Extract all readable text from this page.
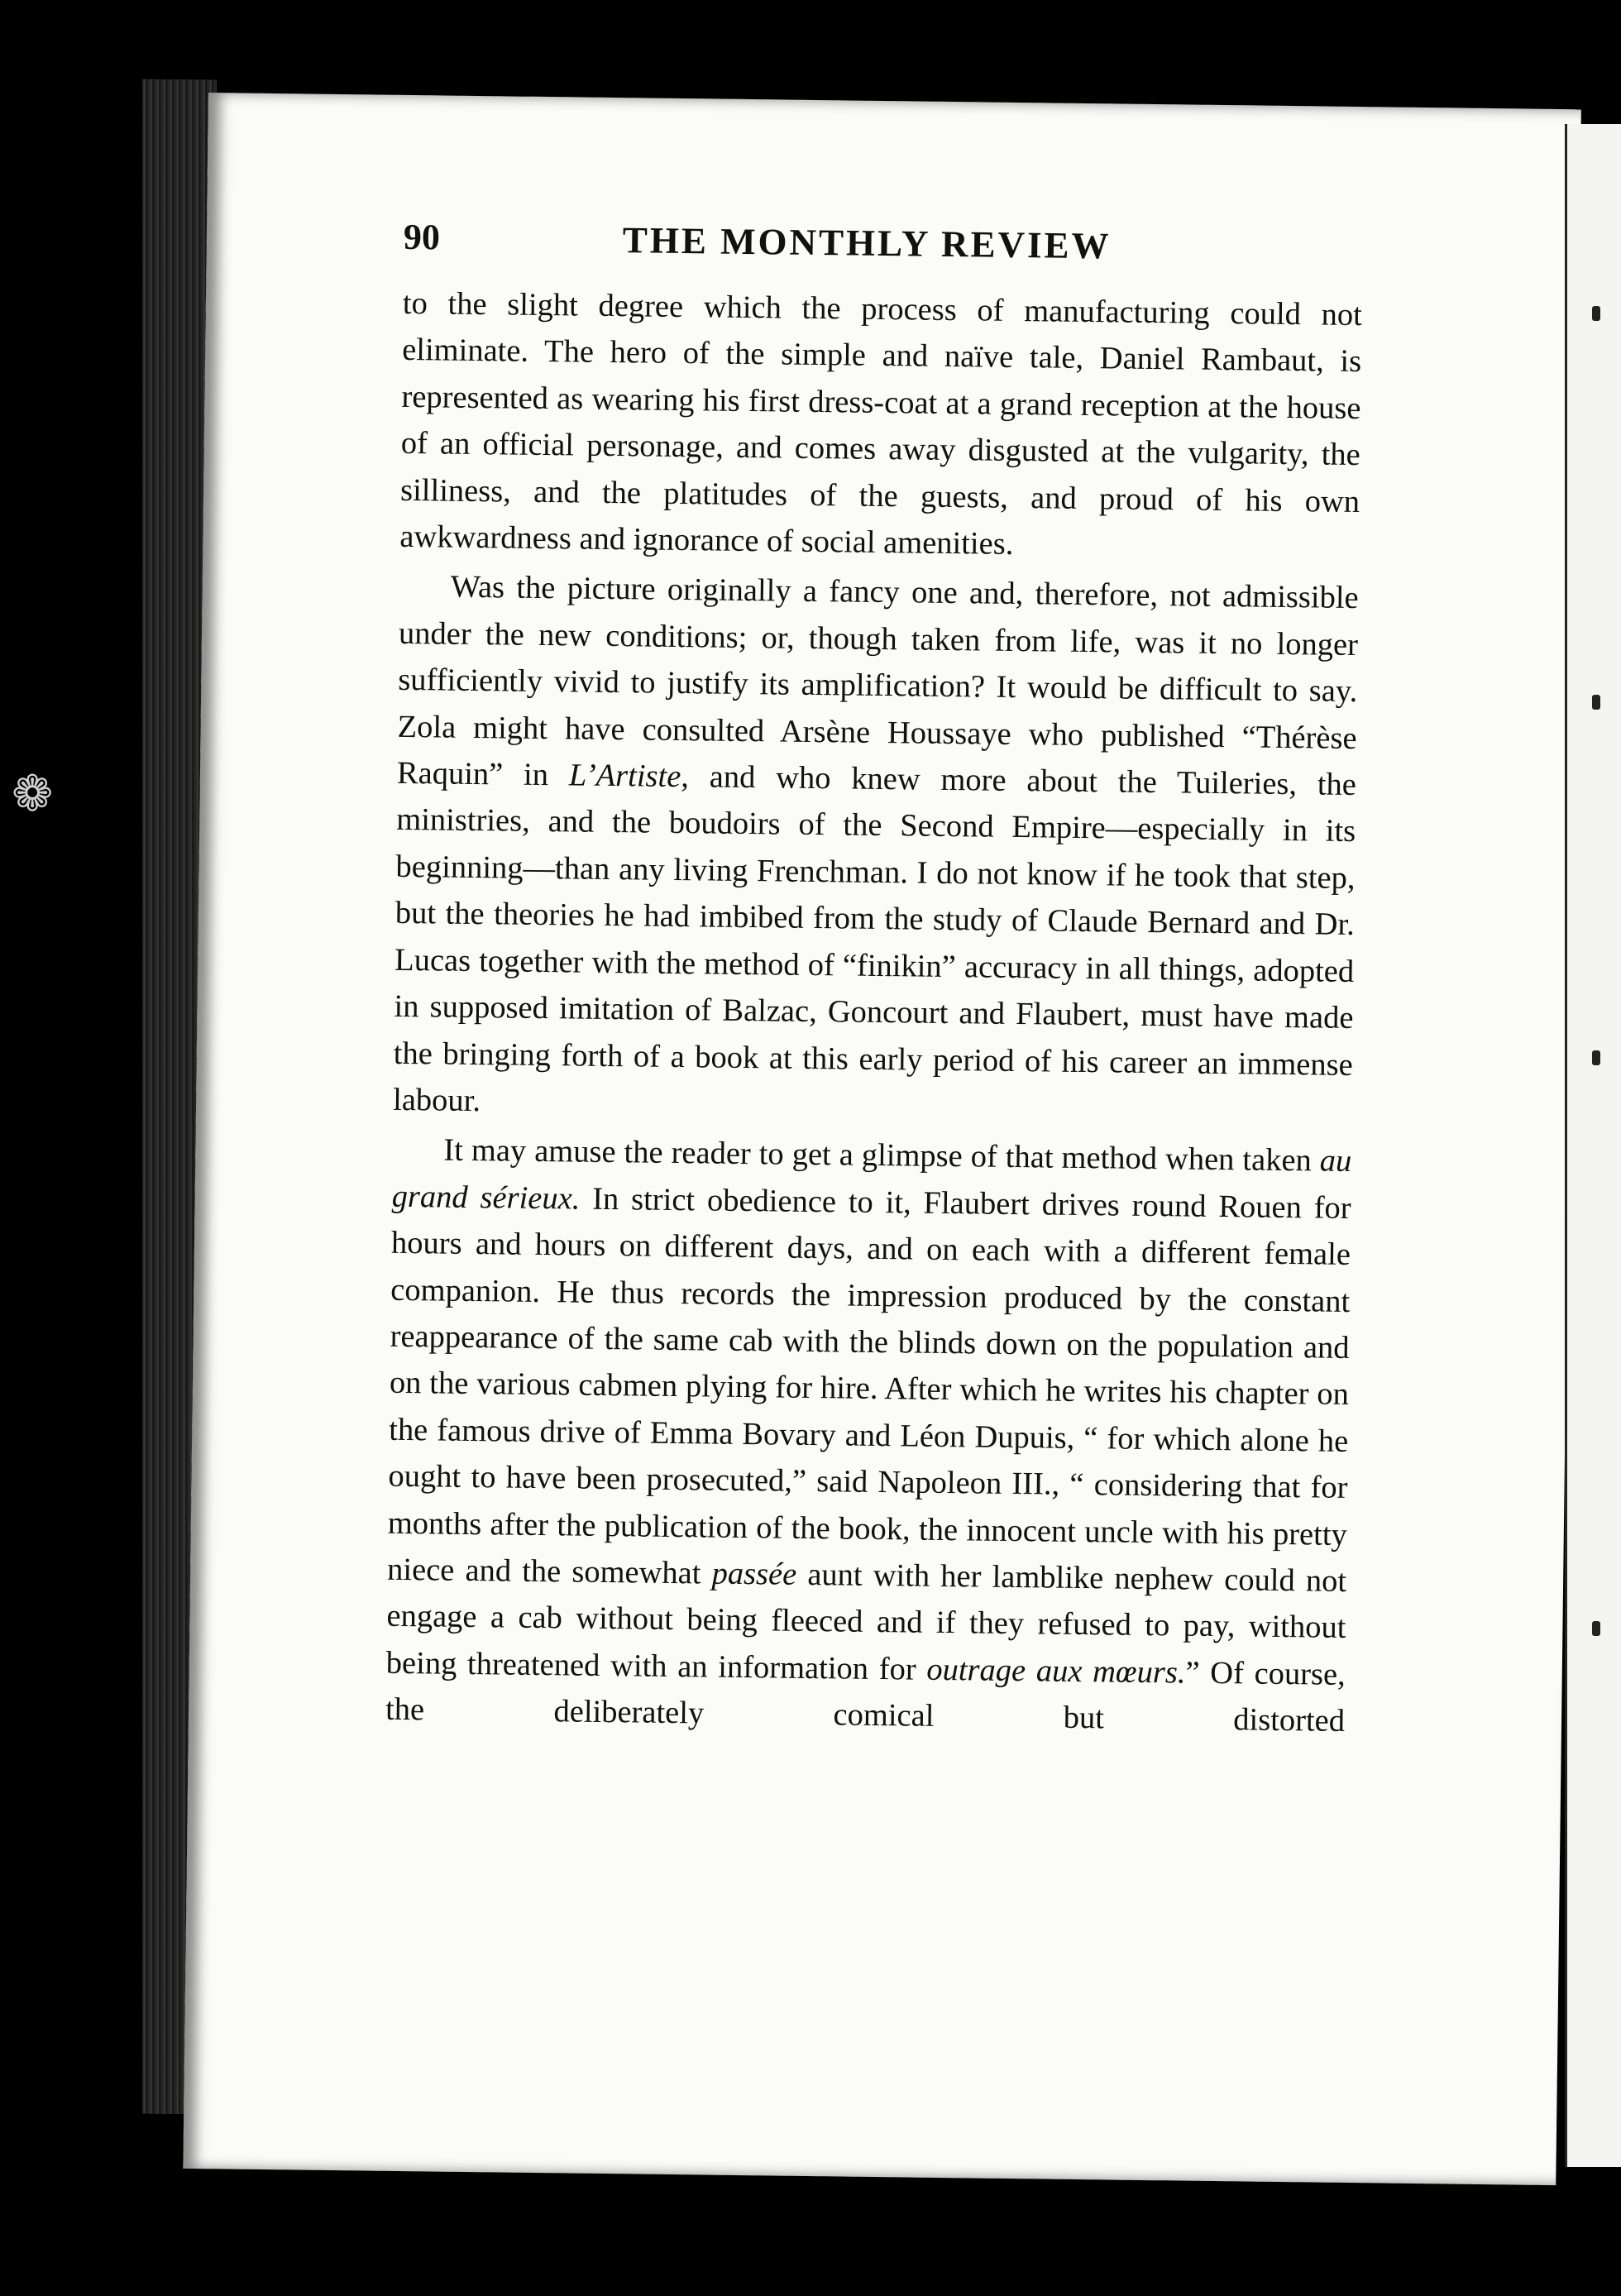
❁
90	THE MONTHLY REVIEW

to the slight degree which the process of manufacturing could not eliminate. The hero of the simple and naïve tale, Daniel Rambaut, is represented as wearing his first dress-coat at a grand reception at the house of an official personage, and comes away disgusted at the vulgarity, the silliness, and the platitudes of the guests, and proud of his own awkwardness and ignorance of social amenities.

Was the picture originally a fancy one and, therefore, not admissible under the new conditions; or, though taken from life, was it no longer sufficiently vivid to justify its amplification? It would be difficult to say. Zola might have consulted Arsène Houssaye who published “Thérèse Raquin” in L’Artiste, and who knew more about the Tuileries, the ministries, and the boudoirs of the Second Empire—especially in its beginning—than any living Frenchman. I do not know if he took that step, but the theories he had imbibed from the study of Claude Bernard and Dr. Lucas together with the method of “finikin” accuracy in all things, adopted in supposed imitation of Balzac, Goncourt and Flaubert, must have made the bringing forth of a book at this early period of his career an immense labour.

It may amuse the reader to get a glimpse of that method when taken au grand sérieux. In strict obedience to it, Flaubert drives round Rouen for hours and hours on different days, and on each with a different female companion. He thus records the impression produced by the constant reappearance of the same cab with the blinds down on the population and on the various cabmen plying for hire. After which he writes his chapter on the famous drive of Emma Bovary and Léon Dupuis, “ for which alone he ought to have been prosecuted,” said Napoleon III., “ considering that for months after the publication of the book, the innocent uncle with his pretty niece and the somewhat passée aunt with her lamblike nephew could not engage a cab without being fleeced and if they refused to pay, without being threatened with an information for outrage aux mœurs.” Of course, the deliberately comical but distorted
